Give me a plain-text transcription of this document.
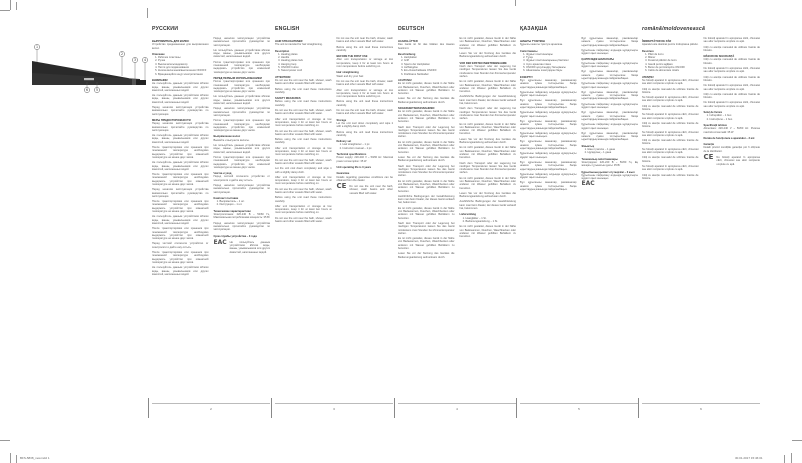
1
2
3 4
6 5
РУССКИЙ
ВЫПРЯМИТЕЛЬ ДЛЯ ВОЛОС

Устройство предназначено для выпрямления волос.

Описание
1. Рабочие пластины
2. Ручка
3. Выключатель/индикатор
4. Петля для подвешивания
5. Кнопка включения/выключения ON/OFF
6. Вращающийся шнур электропитания
ВНИМАНИЕ!

Не пользуйтесь данным устройством вблизи воды, ванны, умывальников или других ёмкостей, наполненных водой.

Не пользуйтесь данным устройством вблизи воды, ванны, умывальников или других ёмкостей, наполненных водой.

Перед началом эксплуатации устройства внимательно прочитайте руководство по эксплуатации.

МЕРЫ ПРЕДОСТОРОЖНОСТИ

Перед началом эксплуатации устройства внимательно прочитайте руководство по эксплуатации.

Не пользуйтесь данным устройством вблизи воды, ванны, умывальников или других ёмкостей, наполненных водой.

После транспортировки или хранения при пониженной температуре необходимо выдержать устройство при комнатной температуре не менее двух часов.

Не пользуйтесь данным устройством вблизи воды, ванны, умывальников или других ёмкостей, наполненных водой.

После транспортировки или хранения при пониженной температуре необходимо выдержать устройство при комнатной температуре не менее двух часов.

Перед началом эксплуатации устройства внимательно прочитайте руководство по эксплуатации.

После транспортировки или хранения при пониженной температуре необходимо выдержать устройство при комнатной температуре не менее двух часов.

Не пользуйтесь данным устройством вблизи воды, ванны, умывальников или других ёмкостей, наполненных водой.

После транспортировки или хранения при пониженной температуре необходимо выдержать устройство при комнатной температуре не менее двух часов.

Перед чисткой отключите устройство от электросети и дайте ему остыть.

После транспортировки или хранения при пониженной температуре необходимо выдержать устройство при комнатной температуре не менее двух часов.

Не пользуйтесь данным устройством вблизи воды, ванны, умывальников или других ёмкостей, наполненных водой.

Перед началом эксплуатации устройства внимательно прочитайте руководство по эксплуатации.

Не пользуйтесь данным устройством вблизи воды, ванны, умывальников или других ёмкостей, наполненных водой.

После транспортировки или хранения при пониженной температуре необходимо выдержать устройство при комнатной температуре не менее двух часов.

ПЕРЕД ПЕРВЫМ ИСПОЛЬЗОВАНИЕМ

После транспортировки или хранения при пониженной температуре необходимо выдержать устройство при комнатной температуре не менее двух часов.

Не пользуйтесь данным устройством вблизи воды, ванны, умывальников или других ёмкостей, наполненных водой.

Перед началом эксплуатации устройства внимательно прочитайте руководство по эксплуатации.

После транспортировки или хранения при пониженной температуре необходимо выдержать устройство при комнатной температуре не менее двух часов.

Выпрямление волос

Вымойте и высушите волосы.

Не пользуйтесь данным устройством вблизи воды, ванны, умывальников или других ёмкостей, наполненных водой.

После транспортировки или хранения при пониженной температуре необходимо выдержать устройство при комнатной температуре не менее двух часов.

Чистка и уход

Перед чисткой отключите устройство от электросети и дайте ему остыть.

Перед началом эксплуатации устройства внимательно прочитайте руководство по эксплуатации.

Комплект поставки
1. Выпрямитель – 1 шт.
2. Инструкция – 1 шт.
Технические характеристики

Электропитание: 220-240 В ~ 50/60 Гц. Максимальная потребляемая мощность: 35 Вт

Перед началом эксплуатации устройства внимательно прочитайте руководство по эксплуатации.

Срок службы устройства – 3 года
EAC Не пользуйтесь данным устройством вблизи воды, ванны, умывальников или других ёмкостей, наполненных водой.

ENGLISH
HAIR STRAIGHTENER

The unit is intended for hair straightening.

Description
1. Heating plates
2. Handle
3. Heating plates lock
4. Hanging loop
5. ON/OFF button
6. Swivel power cord
ATTENTION!

Do not use the unit near the bath, shower, wash basins and other vessels filled with water.

Before using the unit read these instructions carefully.

SAFETY MEASURES

Before using the unit read these instructions carefully.

Do not use the unit near the bath, shower, wash basins and other vessels filled with water.

After unit transportation or storage at low temperature, keep it for at least two hours at room temperature before switching on.

Do not use the unit near the bath, shower, wash basins and other vessels filled with water.

Before using the unit read these instructions carefully.

After unit transportation or storage at low temperature, keep it for at least two hours at room temperature before switching on.

Do not use the unit near the bath, shower, wash basins and other vessels filled with water.

Let the unit cool down completely and wipe it with a slightly damp cloth.

After unit transportation or storage at low temperature, keep it for at least two hours at room temperature before switching on.

Do not use the unit near the bath, shower, wash basins and other vessels filled with water.

Before using the unit read these instructions carefully.

After unit transportation or storage at low temperature, keep it for at least two hours at room temperature before switching on.

Do not use the unit near the bath, shower, wash basins and other vessels filled with water.

Do not use the unit near the bath, shower, wash basins and other vessels filled with water.

Before using the unit read these instructions carefully.

BEFORE THE FIRST USE

After unit transportation or storage at low temperature, keep it for at least two hours at room temperature before switching on.

Hair straightening

Wash and dry your hair.

Do not use the unit near the bath, shower, wash basins and other vessels filled with water.

After unit transportation or storage at low temperature, keep it for at least two hours at room temperature before switching on.

Before using the unit read these instructions carefully.

Do not use the unit near the bath, shower, wash basins and other vessels filled with water.

Storage

Let the unit cool down completely and wipe it with a slightly damp cloth.

Before using the unit read these instructions carefully.

Delivery set
1. Hair straightener – 1 pc.
2. Instruction manual – 1 pc.
Technical specifications

Power supply: 220-240 V ~ 50/60 Hz. Maximal power consumption: 35 W

Unit operating life is 3 years
Guarantee

Details regarding guarantee conditions can be obtained from the dealer.

CE Do not use the unit near the bath, shower, wash basins and other vessels filled with water.

DEUTSCH
HAARGLÄTTER

Das Gerät ist für das Glätten des Haares bestimmt.

Beschreibung
1. Heizplatten
2. Griff
3. Sperre der Heizplatten
4. Aufhängöse
5. Ein-/Ausschalttaste ON/OFF
6. Drehbares Netzkabel
ACHTUNG!

Es ist nicht gestattet, dieses Gerät in der Nähe von Badewannen, Duschen, Waschbecken oder anderen mit Wasser gefüllten Behältern zu benutzen.

Lesen Sie vor der Nutzung des Gerätes die Bedienungsanleitung aufmerksam durch.

SICHERHEITSMASSNAHMEN

Es ist nicht gestattet, dieses Gerät in der Nähe von Badewannen, Duschen, Waschbecken oder anderen mit Wasser gefüllten Behältern zu benutzen.

Nach dem Transport oder der Lagerung bei niedrigen Temperaturen lassen Sie das Gerät mindestens zwei Stunden bei Zimmertemperatur stehen.

Es ist nicht gestattet, dieses Gerät in der Nähe von Badewannen, Duschen, Waschbecken oder anderen mit Wasser gefüllten Behältern zu benutzen.

Lesen Sie vor der Nutzung des Gerätes die Bedienungsanleitung aufmerksam durch.

Nach dem Transport oder der Lagerung bei niedrigen Temperaturen lassen Sie das Gerät mindestens zwei Stunden bei Zimmertemperatur stehen.

Es ist nicht gestattet, dieses Gerät in der Nähe von Badewannen, Duschen, Waschbecken oder anderen mit Wasser gefüllten Behältern zu benutzen.

Ausführliche Bedingungen der Gewährleistung kann man beim Dealer, der dieses Gerät verkauft hat, bekommen.

Es ist nicht gestattet, dieses Gerät in der Nähe von Badewannen, Duschen, Waschbecken oder anderen mit Wasser gefüllten Behältern zu benutzen.

Nach dem Transport oder der Lagerung bei niedrigen Temperaturen lassen Sie das Gerät mindestens zwei Stunden bei Zimmertemperatur stehen.

Es ist nicht gestattet, dieses Gerät in der Nähe von Badewannen, Duschen, Waschbecken oder anderen mit Wasser gefüllten Behältern zu benutzen.

Lesen Sie vor der Nutzung des Gerätes die Bedienungsanleitung aufmerksam durch.

Es ist nicht gestattet, dieses Gerät in der Nähe von Badewannen, Duschen, Waschbecken oder anderen mit Wasser gefüllten Behältern zu benutzen.

Lesen Sie vor der Nutzung des Gerätes die Bedienungsanleitung aufmerksam durch.

VOR DER ERSTEN INBETRIEBNAHME

Nach dem Transport oder der Lagerung bei niedrigen Temperaturen lassen Sie das Gerät mindestens zwei Stunden bei Zimmertemperatur stehen.

Es ist nicht gestattet, dieses Gerät in der Nähe von Badewannen, Duschen, Waschbecken oder anderen mit Wasser gefüllten Behältern zu benutzen.

Ausführliche Bedingungen der Gewährleistung kann man beim Dealer, der dieses Gerät verkauft hat, bekommen.

Nach dem Transport oder der Lagerung bei niedrigen Temperaturen lassen Sie das Gerät mindestens zwei Stunden bei Zimmertemperatur stehen.

Es ist nicht gestattet, dieses Gerät in der Nähe von Badewannen, Duschen, Waschbecken oder anderen mit Wasser gefüllten Behältern zu benutzen.

Lesen Sie vor der Nutzung des Gerätes die Bedienungsanleitung aufmerksam durch.

Es ist nicht gestattet, dieses Gerät in der Nähe von Badewannen, Duschen, Waschbecken oder anderen mit Wasser gefüllten Behältern zu benutzen.

Nach dem Transport oder der Lagerung bei niedrigen Temperaturen lassen Sie das Gerät mindestens zwei Stunden bei Zimmertemperatur stehen.

Es ist nicht gestattet, dieses Gerät in der Nähe von Badewannen, Duschen, Waschbecken oder anderen mit Wasser gefüllten Behältern zu benutzen.

Lesen Sie vor der Nutzung des Gerätes die Bedienungsanleitung aufmerksam durch.

Ausführliche Bedingungen der Gewährleistung kann man beim Dealer, der dieses Gerät verkauft hat, bekommen.

Lieferumfang
1. Haarglätter – 1 St.
2. Bedienungsanleitung – 1 St.

Es ist nicht gestattet, dieses Gerät in der Nähe von Badewannen, Duschen, Waschbecken oder anderen mit Wasser gefüllten Behältern zu benutzen.

ҚАЗАҚША
ШАШТЫ ТҮЗЕТКІШ

Құрылғы шашты түзетуге арналған.

Сипаттамасы
1. Жұмыс пластиналары
2. Тұтқа
3. Жұмыс пластиналарының бекіткіші
4. Ілуге арналған ілмек
5. ON/OFF қосу/сөндіру батырмасы
6. Айналмалы электрқорек бауы
ЕСКЕРТУ!

Бұл құрылғыны ванналар, раковиналар немесе сумен толтырылған басқа ыдыстардың жанында пайдаланбаңыз.

Құрылғыны пайдалану алдында нұсқаулықты мұқият оқып шығыңыз.

Бұл құрылғыны ванналар, раковиналар немесе сумен толтырылған басқа ыдыстардың жанында пайдаланбаңыз.

Құрылғыны пайдалану алдында нұсқаулықты мұқият оқып шығыңыз.

Бұл құрылғыны ванналар, раковиналар немесе сумен толтырылған басқа ыдыстардың жанында пайдаланбаңыз.

Құрылғыны пайдалану алдында нұсқаулықты мұқият оқып шығыңыз.

Бұл құрылғыны ванналар, раковиналар немесе сумен толтырылған басқа ыдыстардың жанында пайдаланбаңыз.

Құрылғыны пайдалану алдында нұсқаулықты мұқият оқып шығыңыз.

Бұл құрылғыны ванналар, раковиналар немесе сумен толтырылған басқа ыдыстардың жанында пайдаланбаңыз.

Құрылғыны пайдалану алдында нұсқаулықты мұқият оқып шығыңыз.

Бұл құрылғыны ванналар, раковиналар немесе сумен толтырылған басқа ыдыстардың жанында пайдаланбаңыз.

Бұл құрылғыны ванналар, раковиналар немесе сумен толтырылған басқа ыдыстардың жанында пайдаланбаңыз.

Құрылғыны пайдалану алдында нұсқаулықты мұқият оқып шығыңыз.

ҚАУІПСІЗДІК ШАРАЛАРЫ

Құрылғыны пайдалану алдында нұсқаулықты мұқият оқып шығыңыз.

Бұл құрылғыны ванналар, раковиналар немесе сумен толтырылған басқа ыдыстардың жанында пайдаланбаңыз.

Құрылғыны пайдалану алдында нұсқаулықты мұқият оқып шығыңыз.

Бұл құрылғыны ванналар, раковиналар немесе сумен толтырылған басқа ыдыстардың жанында пайдаланбаңыз.

Құрылғыны пайдалану алдында нұсқаулықты мұқият оқып шығыңыз.

Бұл құрылғыны ванналар, раковиналар немесе сумен толтырылған басқа ыдыстардың жанында пайдаланбаңыз.

Құрылғыны пайдалану алдында нұсқаулықты мұқият оқып шығыңыз.

Бұл құрылғыны ванналар, раковиналар немесе сумен толтырылған басқа ыдыстардың жанында пайдаланбаңыз.

Жиынтық
1. Шаш түзеткіш – 1 дана
2. Нұсқаулық – 1 дана
Техникалық сипаттамалары

Электрқорек: 220-240 В ~ 50/60 Гц. Ең жоғарғы тұтынатын қуаты: 35 Вт

Құрылғының қызмет ету мерзімі – 3 жыл

Құрылғыны пайдалану алдында нұсқаулықты мұқият оқып шығыңыз.

EAC
română/moldovenească
ÎNDREPTĂTOR DE PĂR

Aparatul este destinat pentru îndreptarea părului.

Descriere
1. Plăci de lucru
2. Mâner
3. Fixatorul plăcilor de lucru
4. Gaură pentru agățare
5. Buton de pornire/oprire ON/OFF
6. Cablu de alimentare rotativ
ATENȚIE!

Nu folosiți aparatul în apropierea căzii, chiuvetei sau altor recipiente umplute cu apă.

Citiți cu atenție manualul de utilizare înainte de folosire.

Nu folosiți aparatul în apropierea căzii, chiuvetei sau altor recipiente umplute cu apă.

Citiți cu atenție manualul de utilizare înainte de folosire.

Nu folosiți aparatul în apropierea căzii, chiuvetei sau altor recipiente umplute cu apă.

Citiți cu atenție manualul de utilizare înainte de folosire.

Nu folosiți aparatul în apropierea căzii, chiuvetei sau altor recipiente umplute cu apă.

Citiți cu atenție manualul de utilizare înainte de folosire.

Nu folosiți aparatul în apropierea căzii, chiuvetei sau altor recipiente umplute cu apă.

Citiți cu atenție manualul de utilizare înainte de folosire.

Nu folosiți aparatul în apropierea căzii, chiuvetei sau altor recipiente umplute cu apă.

Citiți cu atenție manualul de utilizare înainte de folosire.

Nu folosiți aparatul în apropierea căzii, chiuvetei sau altor recipiente umplute cu apă.

Citiți cu atenție manualul de utilizare înainte de folosire.

MĂSURI DE SIGURANȚĂ

Citiți cu atenție manualul de utilizare înainte de folosire.

Nu folosiți aparatul în apropierea căzii, chiuvetei sau altor recipiente umplute cu apă.

Citiți cu atenție manualul de utilizare înainte de folosire.

Nu folosiți aparatul în apropierea căzii, chiuvetei sau altor recipiente umplute cu apă.

Citiți cu atenție manualul de utilizare înainte de folosire.

Nu folosiți aparatul în apropierea căzii, chiuvetei sau altor recipiente umplute cu apă.

Setul de livrare
1. Îndreptător – 1 buc.
2. Instrucțiune – 1 buc.
Specificații tehnice

Alimentare: 220-240 V ~ 50/60 Hz. Puterea maximă consumată: 35 W

Durata de funcționare a aparatului – 3 ani
Garanție

Detalii privind condițiile garanției pot fi obținute de la distribuitor.

CE Nu folosiți aparatul în apropierea căzii, chiuvetei sau altor recipiente umplute cu apă.

2	3	4	5	6
BFS-5838_new.indd 1	30.01.2017 15:46:01
